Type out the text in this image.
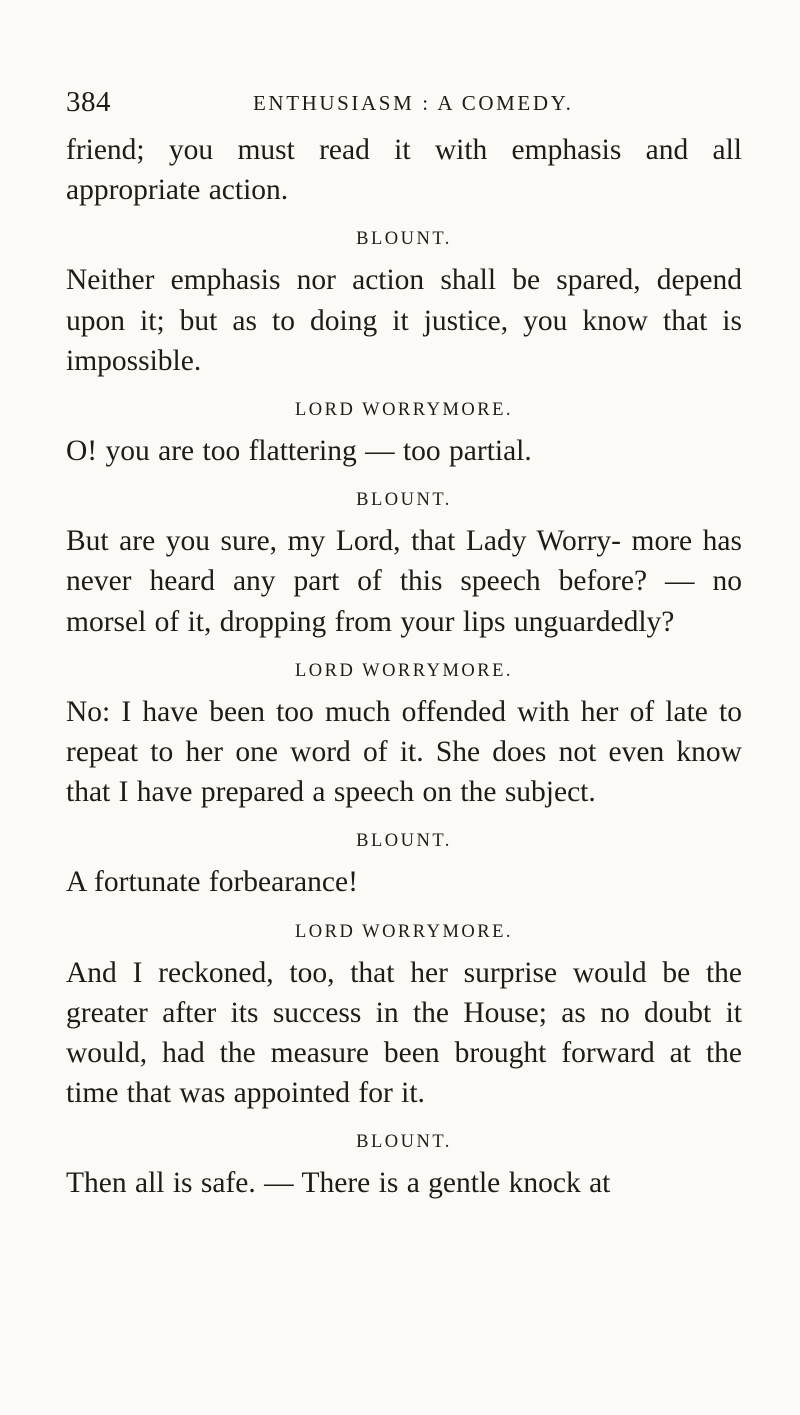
384	ENTHUSIASM : A COMEDY.

friend; you must read it with emphasis and all appropriate action.

BLOUNT.

Neither emphasis nor action shall be spared, depend upon it; but as to doing it justice, you know that is impossible.

LORD WORRYMORE.

O! you are too flattering — too partial.

BLOUNT.

But are you sure, my Lord, that Lady Worry- more has never heard any part of this speech before? — no morsel of it, dropping from your lips unguardedly?

LORD WORRYMORE.

No: I have been too much offended with her of late to repeat to her one word of it. She does not even know that I have prepared a speech on the subject.

BLOUNT.

A fortunate forbearance!

LORD WORRYMORE.

And I reckoned, too, that her surprise would be the greater after its success in the House; as no doubt it would, had the measure been brought forward at the time that was appointed for it.

BLOUNT.

Then all is safe. — There is a gentle knock at
